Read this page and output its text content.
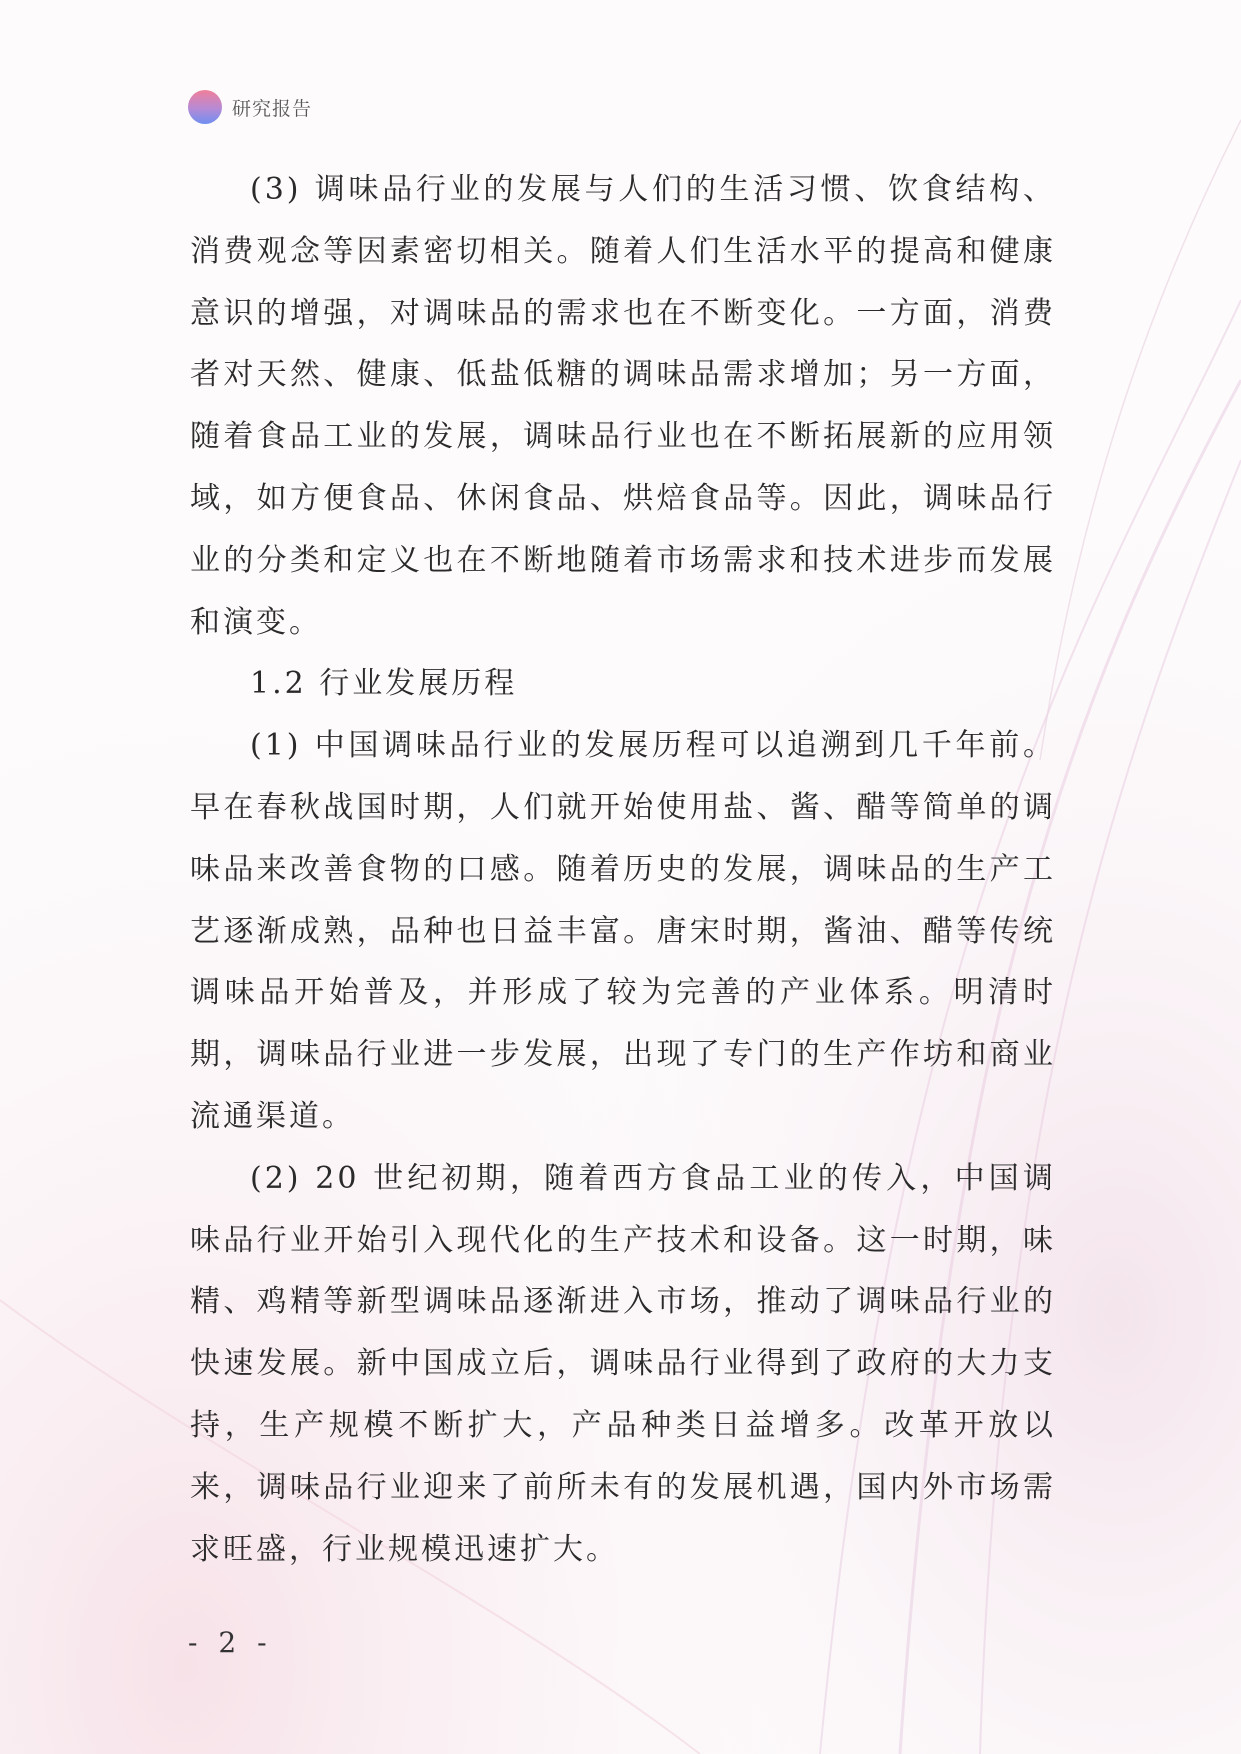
研究报告

(3) 调味品行业的发展与人们的生活习惯、饮食结构、消费观念等因素密切相关。随着人们生活水平的提高和健康意识的增强，对调味品的需求也在不断变化。一方面，消费者对天然、健康、低盐低糖的调味品需求增加；另一方面，随着食品工业的发展，调味品行业也在不断拓展新的应用领域，如方便食品、休闲食品、烘焙食品等。因此，调味品行业的分类和定义也在不断地随着市场需求和技术进步而发展和演变。

1.2 行业发展历程

(1) 中国调味品行业的发展历程可以追溯到几千年前。早在春秋战国时期，人们就开始使用盐、酱、醋等简单的调味品来改善食物的口感。随着历史的发展，调味品的生产工艺逐渐成熟，品种也日益丰富。唐宋时期，酱油、醋等传统调味品开始普及，并形成了较为完善的产业体系。明清时期，调味品行业进一步发展，出现了专门的生产作坊和商业流通渠道。

(2) 20 世纪初期，随着西方食品工业的传入，中国调味品行业开始引入现代化的生产技术和设备。这一时期，味精、鸡精等新型调味品逐渐进入市场，推动了调味品行业的快速发展。新中国成立后，调味品行业得到了政府的大力支持，生产规模不断扩大，产品种类日益增多。改革开放以来，调味品行业迎来了前所未有的发展机遇，国内外市场需求旺盛，行业规模迅速扩大。

- 2 -
